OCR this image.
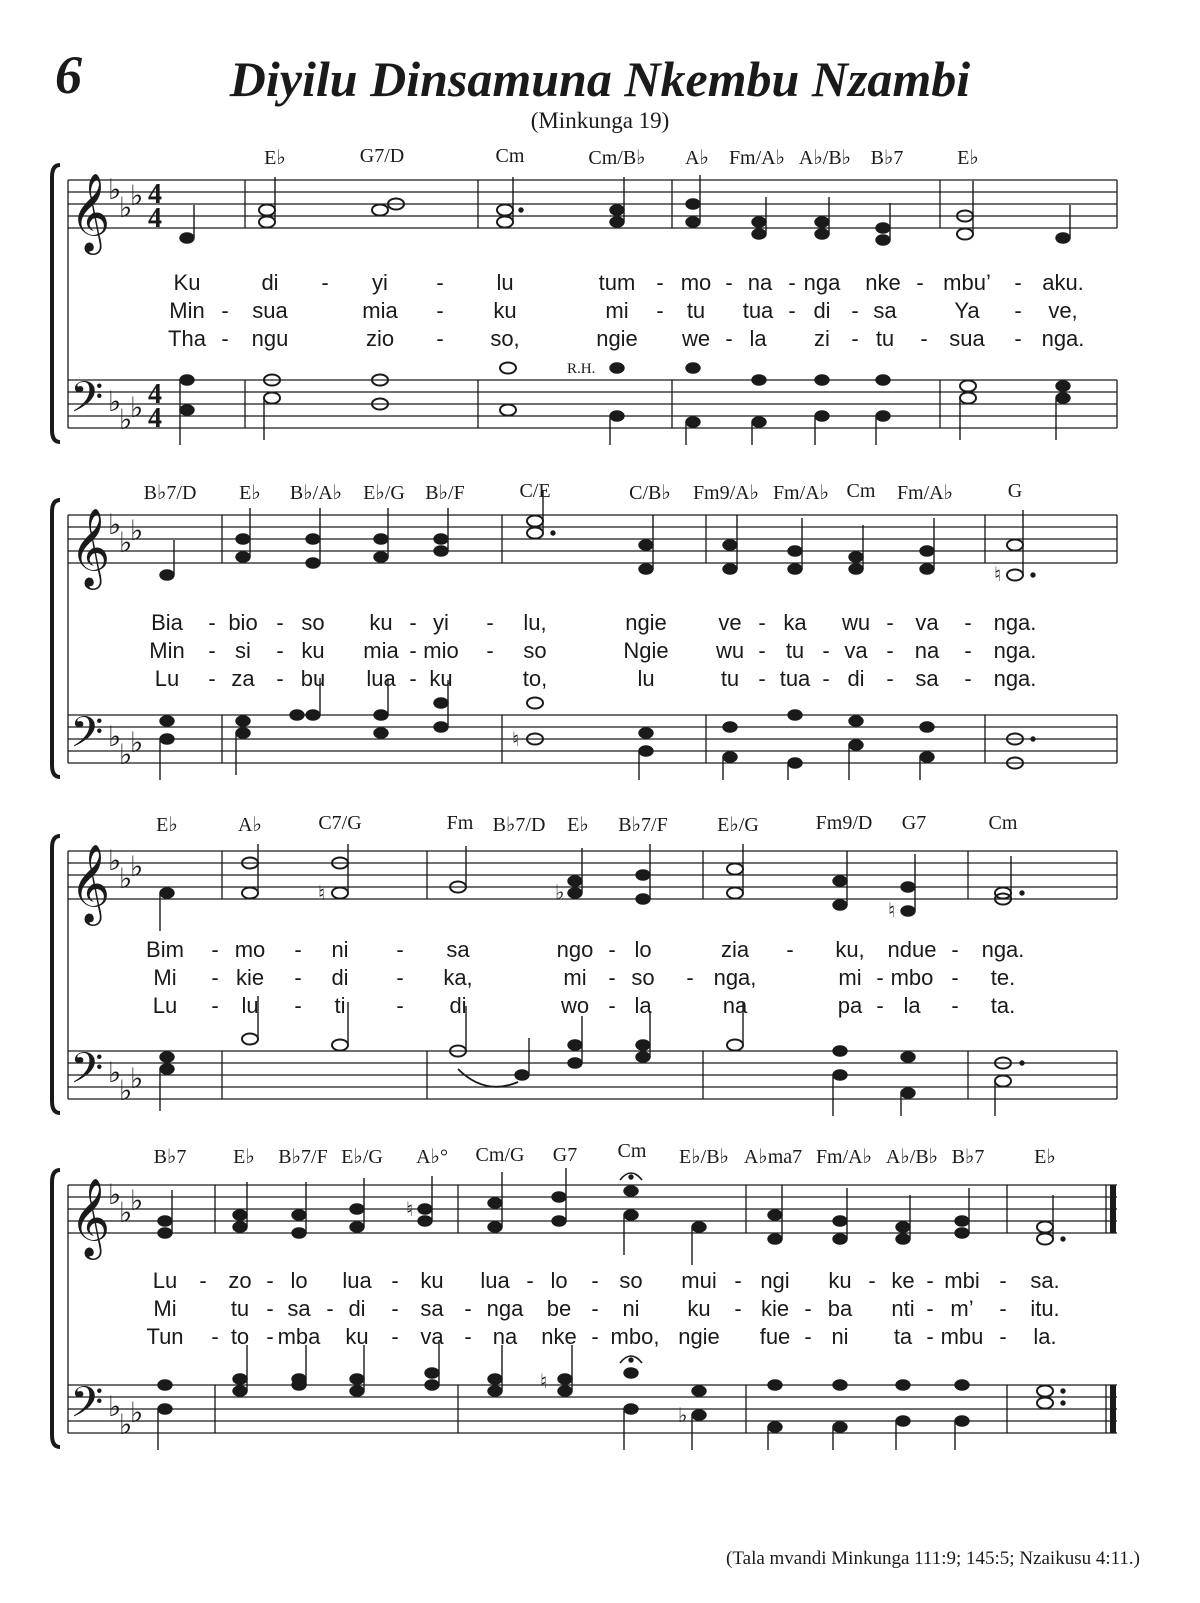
6	Diyilu Dinsamuna Nkembu Nzambi
(Minkunga 19)
𝄞
𝄢
♭
♭
♭
♭
♭
♭
4
4
4
4
E♭	G7/D	Cm	Cm/B♭ A♭ Fm/A♭ A♭/B♭ B♭7	E♭
Ku	di - yi - lu	tum - mo - na - nga nke - mbu’ - aku.
Min - sua	mia - ku	mi - tu tua - di - sa	Ya - ve,
Tha - ngu	zio - so,	ngie we - la zi - tu - sua - nga.
R.H.
𝄞
𝄢
♭
♭
♭
♭
♭
♭
♮
♮
B♭7/D E♭ B♭/A♭ E♭/G B♭/F	C/E	C/B♭ Fm9/A♭ Fm/A♭ Cm Fm/A♭	G
Bia - bio - so ku - yi - lu,	ngie ve - ka wu - va - nga.
Min - si - ku mia - mio - so	Ngie wu - tu - va - na - nga.
Lu - za - bu lua - ku	to,	lu	tu - tua - di - sa - nga.
𝄞
𝄢
♭
♭
♭
♭
♭
♭
♮	♭
♮
E♭	A♭	C7/G	Fm B♭7/D E♭ B♭7/F E♭/G	Fm9/D G7	Cm
Bim - mo - ni - sa	ngo - lo	zia - ku, ndue - nga.
Mi - kie - di - ka,	mi - so - nga,	mi - mbo - te.
Lu - lu - ti - di	wo - la	na	pa - la - ta.
𝄞
𝄢
♭
♭
♭
♭
♭
♭
♮
♮
♭
B♭7 E♭ B♭7/F E♭/G A♭° Cm/G G7 Cm E♭/B♭ A♭ma7 Fm/A♭ A♭/B♭ B♭7 E♭
Lu - zo - lo lua - ku lua - lo - so mui - ngi ku - ke - mbi - sa.
Mi tu - sa - di - sa - nga be - ni ku - kie - ba nti - m’ - itu.
Tun - to - mba ku - va - na nke - mbo, ngie fue - ni ta - mbu - la.
(Tala mvandi Minkunga 111:9; 145:5; Nzaikusu 4:11.)
